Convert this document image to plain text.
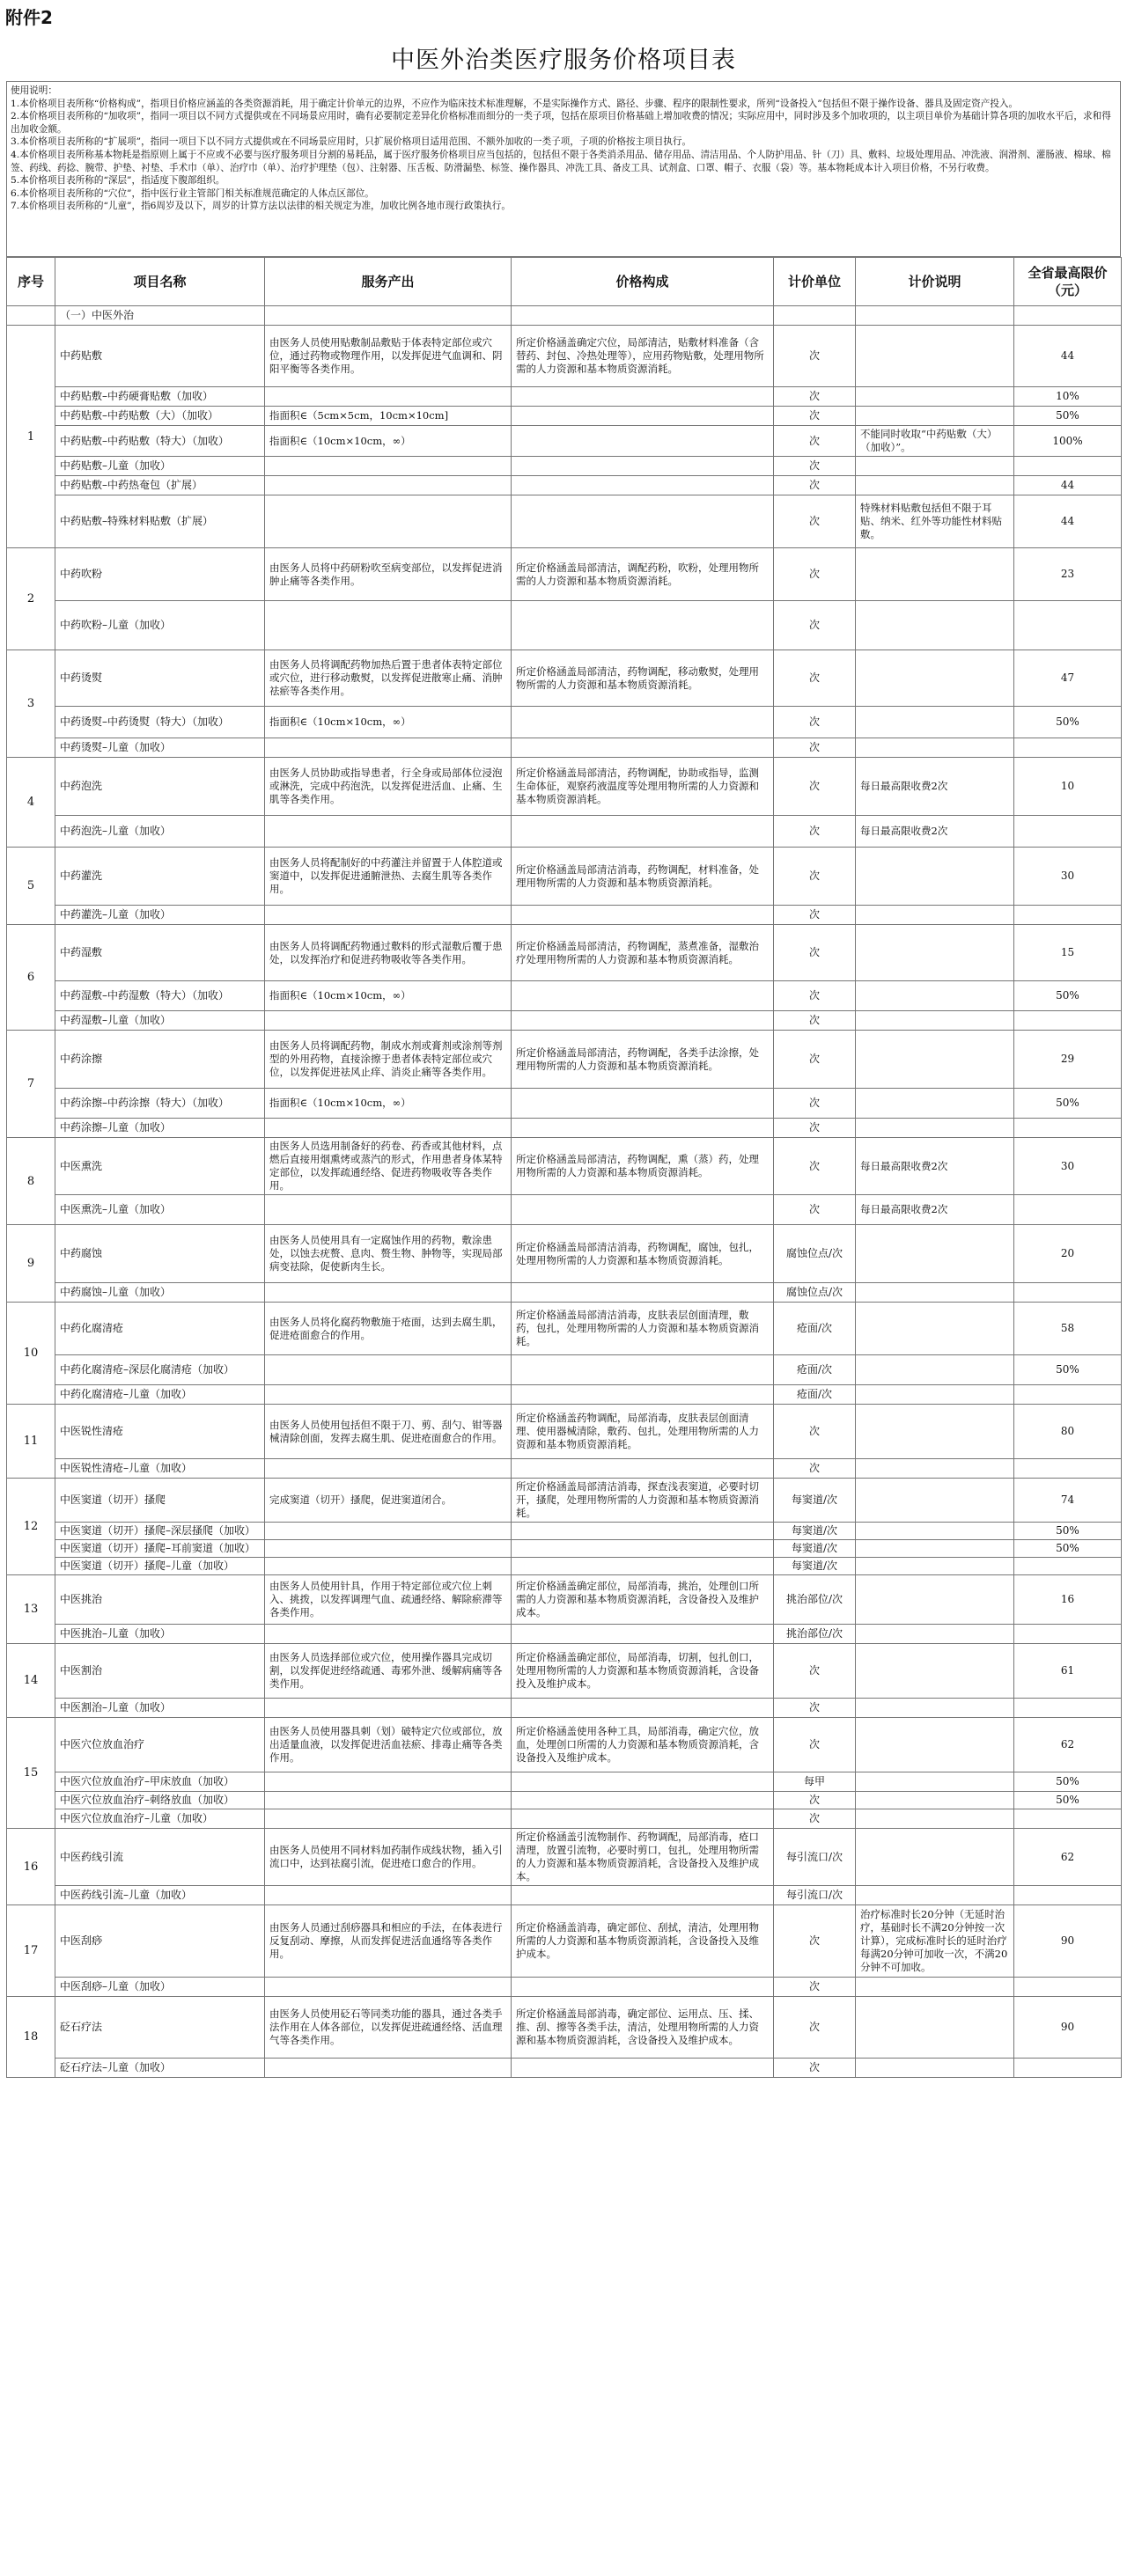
附件2
中医外治类医疗服务价格项目表
使用说明：
1.本价格项目表所称“价格构成”，指项目价格应涵盖的各类资源消耗，用于确定计价单元的边界，不应作为临床技术标准理解，不是实际操作方式、路径、步骤、程序的限制性要求，所列“设备投入”包括但不限于操作设备、器具及固定资产投入。
2.本价格项目表所称的“加收项”，指同一项目以不同方式提供或在不同场景应用时，确有必要制定差异化价格标准而细分的一类子项，包括在原项目价格基础上增加收费的情况；实际应用中，同时涉及多个加收项的，以主项目单价为基础计算各项的加收水平后，求和得出加收金额。
3.本价格项目表所称的“扩展项”，指同一项目下以不同方式提供或在不同场景应用时，只扩展价格项目适用范围、不额外加收的一类子项，子项的价格按主项目执行。
4.本价格项目表所称基本物耗是指原则上属于不应或不必要与医疗服务项目分割的易耗品，属于医疗服务价格项目应当包括的，包括但不限于各类消杀用品、储存用品、清洁用品、个人防护用品、针（刀）具、敷料、垃圾处理用品、冲洗液、润滑剂、灌肠液、棉球、棉签、药线、药捻、腕带、护垫、衬垫、手术巾（单）、治疗巾（单）、治疗护理垫（包）、注射器、压舌板、防滑漏垫、标签、操作器具、冲洗工具、备皮工具、试剂盒、口罩、帽子、衣服（袋）等。基本物耗成本计入项目价格，不另行收费。
5.本价格项目表所称的“深层”，指适度下腹部组织。
6.本价格项目表所称的“穴位”，指中医行业主管部门相关标准规范确定的人体点区部位。
7.本价格项目表所称的“儿童”，指6周岁及以下，周岁的计算方法以法律的相关规定为准，加收比例各地市现行政策执行。
序号	项目名称	服务产出	价格构成	计价单位	计价说明	全省最高限价（元）
	（一）中医外治					
1	中药贴敷	由医务人员使用贴敷制品敷贴于体表特定部位或穴位，通过药物或物理作用，以发挥促进气血调和、阴阳平衡等各类作用。	所定价格涵盖确定穴位，局部清洁，贴敷材料准备（含替药、封包、冷热处理等），应用药物贴敷，处理用物所需的人力资源和基本物质资源消耗。	次		44
	中药贴敷–中药硬膏贴敷（加收）			次		10%
	中药贴敷–中药贴敷（大）（加收）	指面积∈（5cm×5cm，10cm×10cm]		次		50%
	中药贴敷–中药贴敷（特大）（加收）	指面积∈（10cm×10cm，∞）		次	不能同时收取“中药贴敷（大）（加收）”。	100%
	中药贴敷–儿童（加收）			次		
	中药贴敷–中药热奄包（扩展）			次		44
	中药贴敷–特殊材料贴敷（扩展）			次	特殊材料贴敷包括但不限于耳贴、纳米、红外等功能性材料贴敷。	44
2	中药吹粉	由医务人员将中药研粉吹至病变部位，以发挥促进消肿止痛等各类作用。	所定价格涵盖局部清洁，调配药粉，吹粉，处理用物所需的人力资源和基本物质资源消耗。	次		23
	中药吹粉–儿童（加收）			次		
3	中药烫熨	由医务人员将调配药物加热后置于患者体表特定部位或穴位，进行移动敷熨，以发挥促进散寒止痛、消肿祛瘀等各类作用。	所定价格涵盖局部清洁，药物调配，移动敷熨，处理用物所需的人力资源和基本物质资源消耗。	次		47
	中药烫熨–中药烫熨（特大）（加收）	指面积∈（10cm×10cm，∞）		次		50%
	中药烫熨–儿童（加收）			次		
4	中药泡洗	由医务人员协助或指导患者，行全身或局部体位浸泡或淋洗，完成中药泡洗，以发挥促进活血、止痛、生肌等各类作用。	所定价格涵盖局部清洁，药物调配，协助或指导，监测生命体征，观察药液温度等处理用物所需的人力资源和基本物质资源消耗。	次	每日最高限收费2次	10
	中药泡洗–儿童（加收）			次	每日最高限收费2次	
5	中药灌洗	由医务人员将配制好的中药灌注并留置于人体腔道或窦道中，以发挥促进通腑泄热、去腐生肌等各类作用。	所定价格涵盖局部清洁消毒，药物调配，材料准备，处理用物所需的人力资源和基本物质资源消耗。	次		30
	中药灌洗–儿童（加收）			次		
6	中药湿敷	由医务人员将调配药物通过敷料的形式湿敷后覆于患处，以发挥治疗和促进药物吸收等各类作用。	所定价格涵盖局部清洁，药物调配，蒸煮准备，湿敷治疗处理用物所需的人力资源和基本物质资源消耗。	次		15
	中药湿敷–中药湿敷（特大）（加收）	指面积∈（10cm×10cm，∞）		次		50%
	中药湿敷–儿童（加收）			次		
7	中药涂擦	由医务人员将调配药物，制成水剂或膏剂或涂剂等剂型的外用药物，直接涂擦于患者体表特定部位或穴位，以发挥促进祛风止痒、消炎止痛等各类作用。	所定价格涵盖局部清洁，药物调配，各类手法涂擦，处理用物所需的人力资源和基本物质资源消耗。	次		29
	中药涂擦–中药涂擦（特大）（加收）	指面积∈（10cm×10cm，∞）		次		50%
	中药涂擦–儿童（加收）			次		
8	中医熏洗	由医务人员选用制备好的药卷、药香或其他材料，点燃后直接用烟熏烤或蒸汽的形式，作用患者身体某特定部位，以发挥疏通经络、促进药物吸收等各类作用。	所定价格涵盖局部清洁，药物调配，熏（蒸）药，处理用物所需的人力资源和基本物质资源消耗。	次	每日最高限收费2次	30
	中医熏洗–儿童（加收）			次	每日最高限收费2次	
9	中药腐蚀	由医务人员使用具有一定腐蚀作用的药物，敷涂患处，以蚀去疣赘、息肉、赘生物、肿物等，实现局部病变祛除，促使新肉生长。	所定价格涵盖局部清洁消毒，药物调配，腐蚀，包扎，处理用物所需的人力资源和基本物质资源消耗。	腐蚀位点/次		20
	中药腐蚀–儿童（加收）			腐蚀位点/次		
10	中药化腐清疮	由医务人员将化腐药物敷施于疮面，达到去腐生肌，促进疮面愈合的作用。	所定价格涵盖局部清洁消毒，皮肤表层创面清理，敷药，包扎，处理用物所需的人力资源和基本物质资源消耗。	疮面/次		58
	中药化腐清疮–深层化腐清疮（加收）			疮面/次		50%
	中药化腐清疮–儿童（加收）			疮面/次		
11	中医锐性清疮	由医务人员使用包括但不限于刀、剪、刮勺、钳等器械清除创面，发挥去腐生肌、促进疮面愈合的作用。	所定价格涵盖药物调配，局部消毒，皮肤表层创面清理、使用器械清除，敷药、包扎，处理用物所需的人力资源和基本物质资源消耗。	次		80
	中医锐性清疮–儿童（加收）			次		
12	中医窦道（切开）搔爬	完成窦道（切开）搔爬，促进窦道闭合。	所定价格涵盖局部清洁消毒，探查浅表窦道，必要时切开，搔爬，处理用物所需的人力资源和基本物质资源消耗。	每窦道/次		74
	中医窦道（切开）搔爬–深层搔爬（加收）			每窦道/次		50%
	中医窦道（切开）搔爬–耳前窦道（加收）			每窦道/次		50%
	中医窦道（切开）搔爬–儿童（加收）			每窦道/次		
13	中医挑治	由医务人员使用针具，作用于特定部位或穴位上刺入、挑拨，以发挥调理气血、疏通经络、解除瘀滞等各类作用。	所定价格涵盖确定部位，局部消毒，挑治，处理创口所需的人力资源和基本物质资源消耗，含设备投入及维护成本。	挑治部位/次		16
	中医挑治–儿童（加收）			挑治部位/次		
14	中医割治	由医务人员选择部位或穴位，使用操作器具完成切割，以发挥促进经络疏通、毒邪外泄、缓解病痛等各类作用。	所定价格涵盖确定部位，局部消毒，切割，包扎创口，处理用物所需的人力资源和基本物质资源消耗，含设备投入及维护成本。	次		61
	中医割治–儿童（加收）			次		
15	中医穴位放血治疗	由医务人员使用器具刺（划）破特定穴位或部位，放出适量血液，以发挥促进活血祛瘀、排毒止痛等各类作用。	所定价格涵盖使用各种工具，局部消毒，确定穴位，放血，处理创口所需的人力资源和基本物质资源消耗，含设备投入及维护成本。	次		62
	中医穴位放血治疗–甲床放血（加收）			每甲		50%
	中医穴位放血治疗–刺络放血（加收）			次		50%
	中医穴位放血治疗–儿童（加收）			次		
16	中医药线引流	由医务人员使用不同材料加药制作成线状物，插入引流口中，达到祛腐引流，促进疮口愈合的作用。	所定价格涵盖引流物制作、药物调配，局部消毒，疮口清理，放置引流物，必要时剪口，包扎，处理用物所需的人力资源和基本物质资源消耗，含设备投入及维护成本。	每引流口/次		62
	中医药线引流–儿童（加收）			每引流口/次		
17	中医刮痧	由医务人员通过刮痧器具和相应的手法，在体表进行反复刮动、摩擦，从而发挥促进活血通络等各类作用。	所定价格涵盖消毒，确定部位、刮拭，清洁，处理用物所需的人力资源和基本物质资源消耗，含设备投入及维护成本。	次	治疗标准时长20分钟（无延时治疗，基础时长不满20分钟按一次计算），完成标准时长的延时治疗每满20分钟可加收一次，不满20分钟不可加收。	90
	中医刮痧–儿童（加收）			次		
18	砭石疗法	由医务人员使用砭石等同类功能的器具，通过各类手法作用在人体各部位，以发挥促进疏通经络、活血理气等各类作用。	所定价格涵盖局部消毒，确定部位、运用点、压、揉、推、刮、擦等各类手法，清洁，处理用物所需的人力资源和基本物质资源消耗，含设备投入及维护成本。	次		90
	砭石疗法–儿童（加收）			次		
